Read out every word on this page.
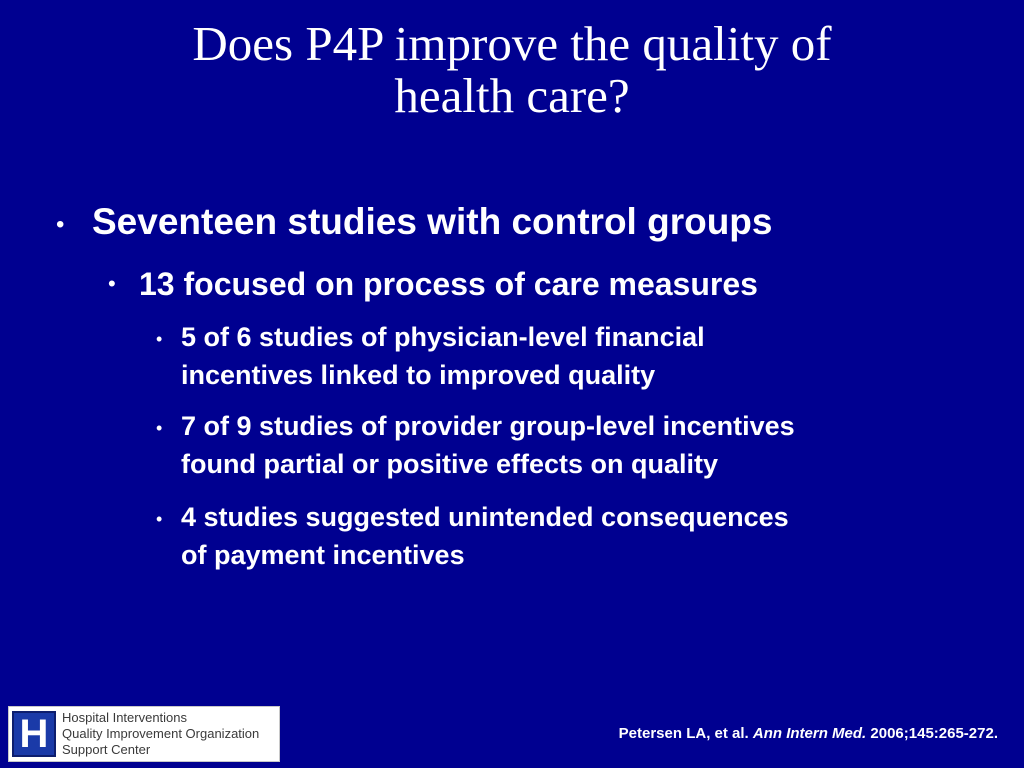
Does P4P improve the quality of
health care?
• Seventeen studies with control groups
• 13 focused on process of care measures
• 5 of 6 studies of physician-level financial
incentives linked to improved quality
• 7 of 9 studies of provider group-level incentives
found partial or positive effects on quality
• 4 studies suggested unintended consequences
of payment incentives
H	Hospital Interventions
Quality Improvement Organization
Support Center
Petersen LA, et al. Ann Intern Med. 2006;145:265-272.
